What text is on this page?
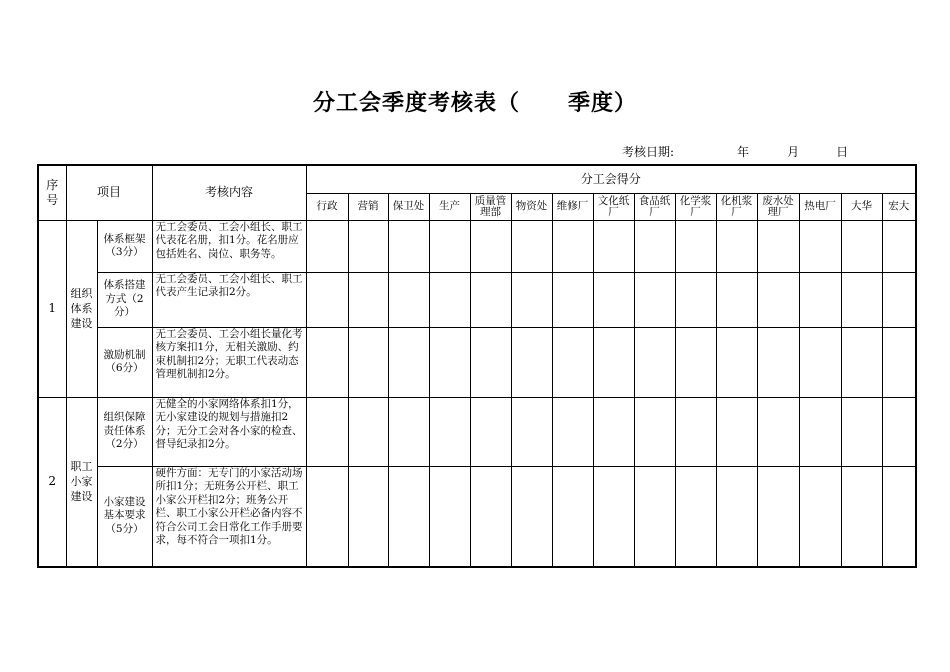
分工会季度考核表（ 季度）
考核日期:	年	月	日
序号	项目		考核内容	分工会得分														
				行政	营销	保卫处	生产	质量管理部	物资处	维修厂	文化纸厂	食品纸厂	化学浆厂	化机浆厂	废水处理厂	热电厂	大华	宏大
1	组织体系建设	体系框架（3分）	无工会委员、工会小组长、职工代表花名册，扣1分。花名册应包括姓名、岗位、职务等。															

		体系搭建方式（2分）	无工会委员、工会小组长、职工代表产生记录扣2分。															

		激励机制（6分）	无工会委员、工会小组长量化考核方案扣1分，无相关激励、约束机制扣2分；无职工代表动态管理机制扣2分。															

2	职工小家建设	组织保障责任体系（2分）	无健全的小家网络体系扣1分，无小家建设的规划与措施扣2分；无分工会对各小家的检查、督导纪录扣2分。															

		小家建设基本要求（5分）	硬件方面：无专门的小家活动场所扣1分；无班务公开栏、职工小家公开栏扣2分；班务公开栏、职工小家公开栏必备内容不符合公司工会日常化工作手册要求，每不符合一项扣1分。															
